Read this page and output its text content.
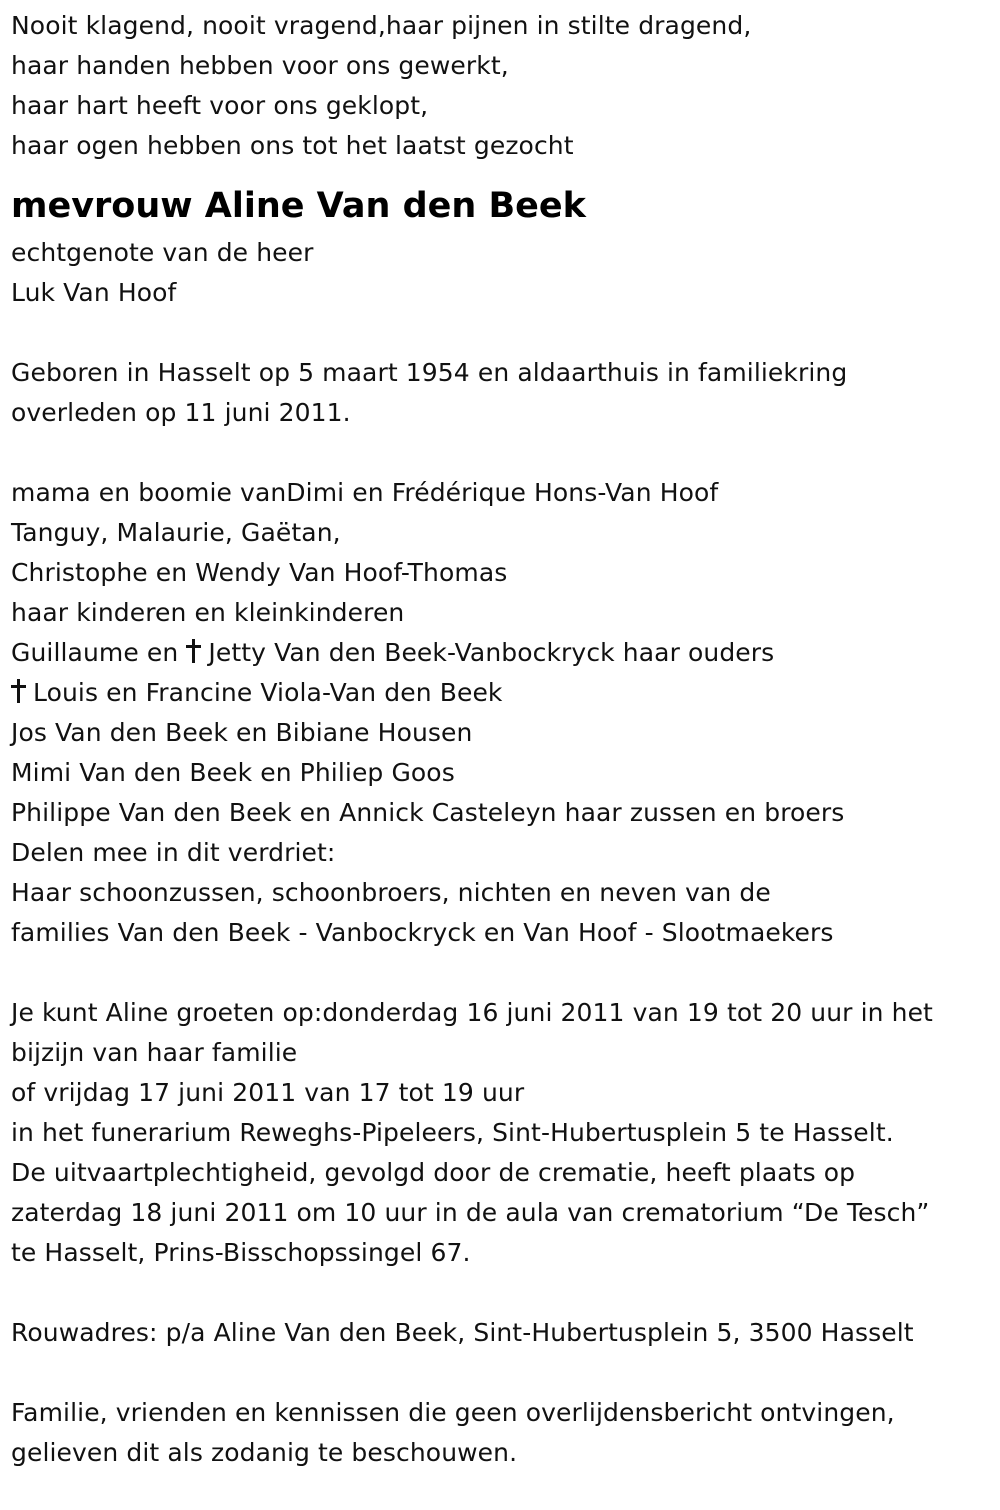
Nooit klagend, nooit vragend,haar pijnen in stilte dragend,
haar handen hebben voor ons gewerkt,
haar hart heeft voor ons geklopt,
haar ogen hebben ons tot het laatst gezocht
mevrouw Aline Van den Beek
echtgenote van de heer
Luk Van Hoof
Geboren in Hasselt op 5 maart 1954 en aldaarthuis in familiekring
overleden op 11 juni 2011.
mama en boomie vanDimi en Frédérique Hons-Van Hoof
Tanguy, Malaurie, Gaëtan,
Christophe en Wendy Van Hoof-Thomas
haar kinderen en kleinkinderen
Guillaume en Jetty Van den Beek-Vanbockryck haar ouders
Louis en Francine Viola-Van den Beek
Jos Van den Beek en Bibiane Housen
Mimi Van den Beek en Philiep Goos
Philippe Van den Beek en Annick Casteleyn haar zussen en broers
Delen mee in dit verdriet:
Haar schoonzussen, schoonbroers, nichten en neven van de
families Van den Beek - Vanbockryck en Van Hoof - Slootmaekers
Je kunt Aline groeten op:donderdag 16 juni 2011 van 19 tot 20 uur in het
bijzijn van haar familie
of vrijdag 17 juni 2011 van 17 tot 19 uur
in het funerarium Reweghs-Pipeleers, Sint-Hubertusplein 5 te Hasselt.
De uitvaartplechtigheid, gevolgd door de crematie, heeft plaats op
zaterdag 18 juni 2011 om 10 uur in de aula van crematorium “De Tesch”
te Hasselt, Prins-Bisschopssingel 67.
Rouwadres: p/a Aline Van den Beek, Sint-Hubertusplein 5, 3500 Hasselt
Familie, vrienden en kennissen die geen overlijdensbericht ontvingen,
gelieven dit als zodanig te beschouwen.
